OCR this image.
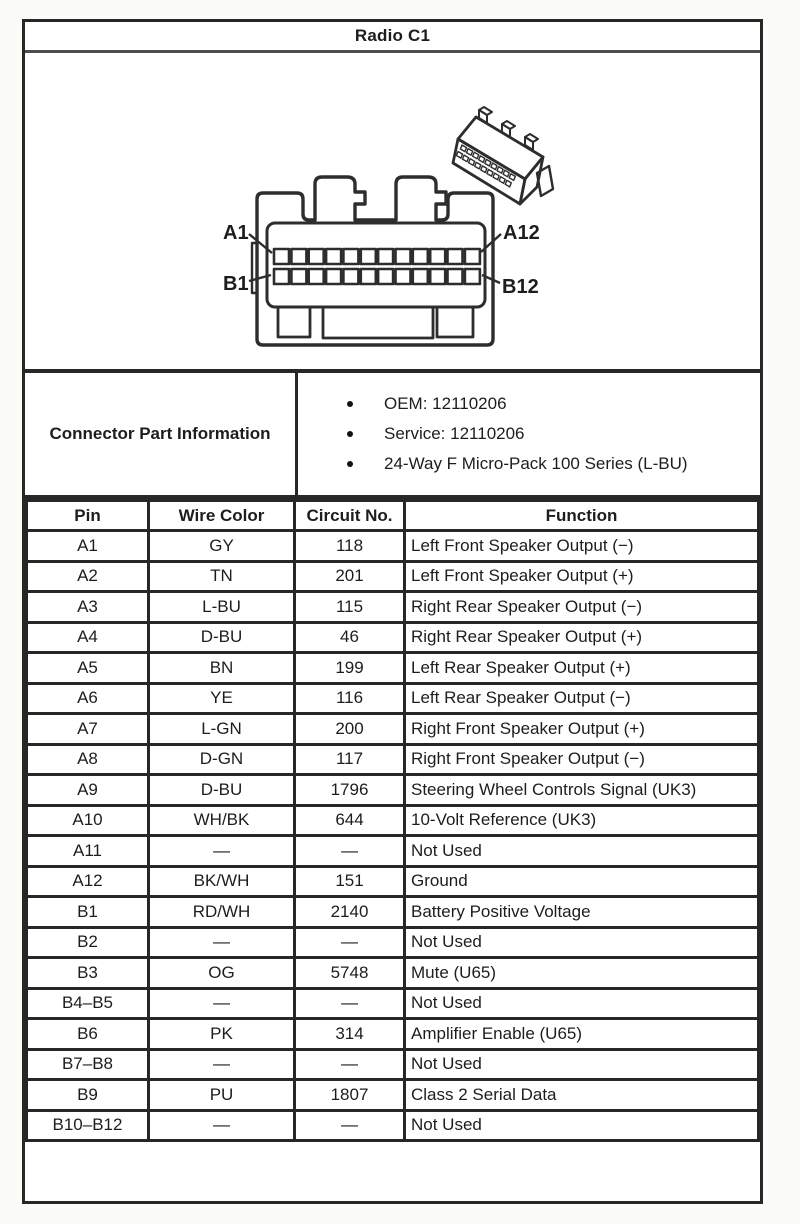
Radio C1
A1	A12
B1	B12
Connector Part Information
OEM: 12110206
Service: 12110206
24-Way F Micro-Pack 100 Series (L-BU)
Pin	Wire Color	Circuit No.	Function
A1	GY	118	Left Front Speaker Output (−)
A2	TN	201	Left Front Speaker Output (+)
A3	L-BU	115	Right Rear Speaker Output (−)
A4	D-BU	46	Right Rear Speaker Output (+)
A5	BN	199	Left Rear Speaker Output (+)
A6	YE	116	Left Rear Speaker Output (−)
A7	L-GN	200	Right Front Speaker Output (+)
A8	D-GN	117	Right Front Speaker Output (−)
A9	D-BU	1796	Steering Wheel Controls Signal (UK3)
A10	WH/BK	644	10-Volt Reference (UK3)
A11	—	—	Not Used
A12	BK/WH	151	Ground
B1	RD/WH	2140	Battery Positive Voltage
B2	—	—	Not Used
B3	OG	5748	Mute (U65)
B4–B5	—	—	Not Used
B6	PK	314	Amplifier Enable (U65)
B7–B8	—	—	Not Used
B9	PU	1807	Class 2 Serial Data
B10–B12	—	—	Not Used
